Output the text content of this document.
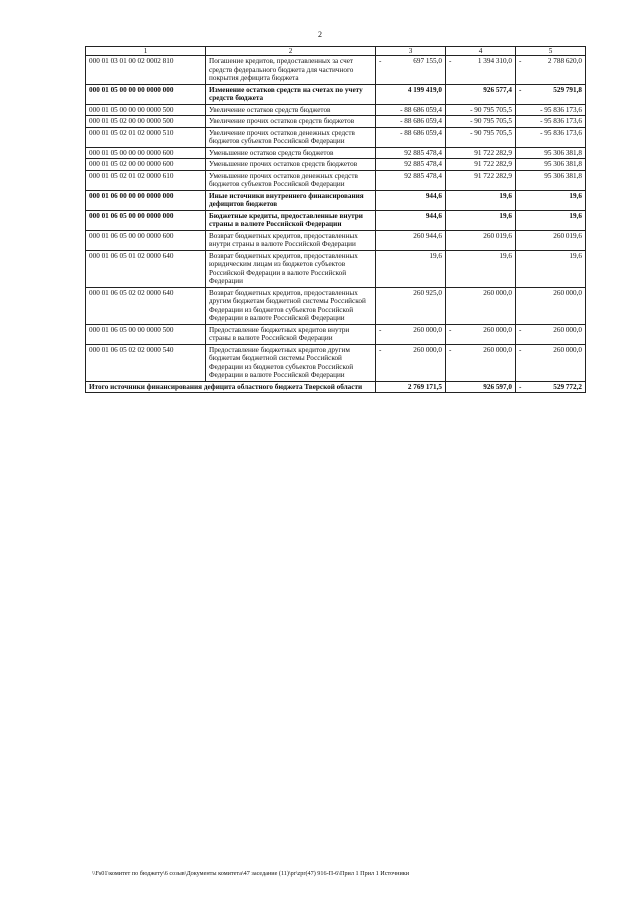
2
1	2	3	4	5
000 01 03 01 00 02 0002 810	Погашение кредитов, предоставленных за счет средств федерального бюджета для частичного покрытия дефицита бюджета	- 697 155,0	- 1 394 310,0	- 2 788 620,0
000 01 05 00 00 00 0000 000	Изменение остатков средств на счетах по учету средств бюджета	4 199 419,0	926 577,4	- 529 791,8
000 01 05 00 00 00 0000 500	Увеличение остатков средств бюджетов	- 88 686 059,4	- 90 795 705,5	- 95 836 173,6
000 01 05 02 00 00 0000 500	Увеличение прочих остатков средств бюджетов	- 88 686 059,4	- 90 795 705,5	- 95 836 173,6
000 01 05 02 01 02 0000 510	Увеличение прочих остатков денежных средств бюджетов субъектов Российской Федерации	- 88 686 059,4	- 90 795 705,5	- 95 836 173,6
000 01 05 00 00 00 0000 600	Уменьшение остатков средств бюджетов	92 885 478,4	91 722 282,9	95 306 381,8
000 01 05 02 00 00 0000 600	Уменьшение прочих остатков средств бюджетов	92 885 478,4	91 722 282,9	95 306 381,8
000 01 05 02 01 02 0000 610	Уменьшение прочих остатков денежных средств бюджетов субъектов Российской Федерации	92 885 478,4	91 722 282,9	95 306 381,8
000 01 06 00 00 00 0000 000	Иные источники внутреннего финансирования дефицитов бюджетов	944,6	19,6	19,6
000 01 06 05 00 00 0000 000	Бюджетные кредиты, предоставленные внутри страны в валюте Российской Федерации	944,6	19,6	19,6
000 01 06 05 00 00 0000 600	Возврат бюджетных кредитов, предоставленных внутри страны в валюте Российской Федерации	260 944,6	260 019,6	260 019,6
000 01 06 05 01 02 0000 640	Возврат бюджетных кредитов, предоставленных юридическим лицам из бюджетов субъектов Российской Федерации в валюте Российской Федерации	19,6	19,6	19,6
000 01 06 05 02 02 0000 640	Возврат бюджетных кредитов, предоставленных другим бюджетам бюджетной системы Российской Федерации из бюджетов субъектов Российской Федерации в валюте Российской Федерации	260 925,0	260 000,0	260 000,0
000 01 06 05 00 00 0000 500	Предоставление бюджетных кредитов внутри страны в валюте Российской Федерации	- 260 000,0	- 260 000,0	- 260 000,0
000 01 06 05 02 02 0000 540	Предоставление бюджетных кредитов другим бюджетам бюджетной системы Российской Федерации из бюджетов субъектов Российской Федерации в валюте Российской Федерации	- 260 000,0	- 260 000,0	- 260 000,0
Итого источники финансирования дефицита областного бюджета Тверской области		2 769 171,5	926 597,0	- 529 772,2
\\Fs01\комитет по бюджету\6 созыв\Документы комитета\47 заседание (11)\pr\zpr(47) 916-П-6\Прил 1 Прил 1 Источники
